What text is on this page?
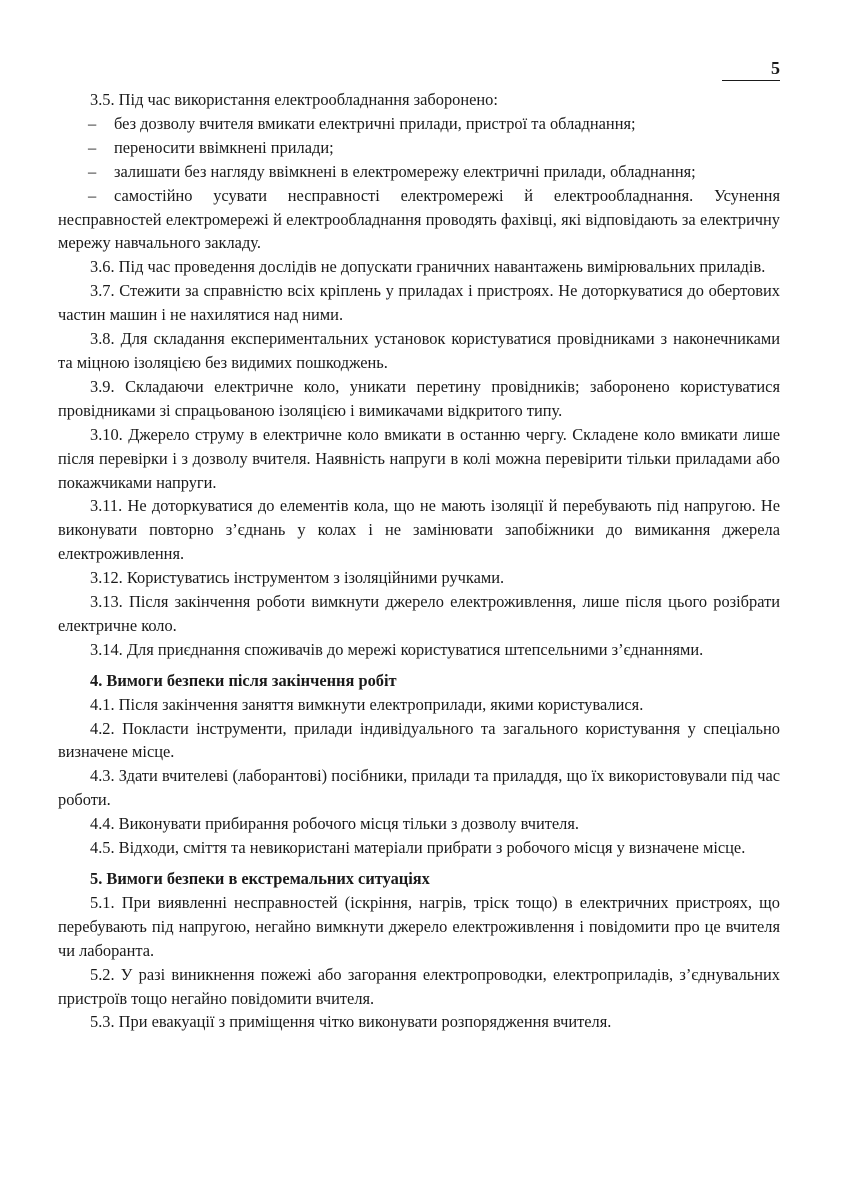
5

3.5. Під час використання електрообладнання заборонено:

– без дозволу вчителя вмикати електричні прилади, пристрої та обладнання;

– переносити ввімкнені прилади;

– залишати без нагляду ввімкнені в електромережу електричні прилади, обладнання;

– самостійно усувати несправності електромережі й електрообладнання. Усунення несправностей електромережі й електрообладнання проводять фахівці, які відповідають за електричну мережу навчального закладу.

3.6. Під час проведення дослідів не допускати граничних навантажень вимірювальних приладів.

3.7. Стежити за справністю всіх кріплень у приладах і пристроях. Не доторкуватися до обертових частин машин і не нахилятися над ними.

3.8. Для складання експериментальних установок користуватися провідниками з наконечниками та міцною ізоляцією без видимих пошкоджень.

3.9. Складаючи електричне коло, уникати перетину провідників; заборонено користуватися провідниками зі спрацьованою ізоляцією і вимикачами відкритого типу.

3.10. Джерело струму в електричне коло вмикати в останню чергу. Складене коло вмикати лише після перевірки і з дозволу вчителя. Наявність напруги в колі можна перевірити тільки приладами або покажчиками напруги.

3.11. Не доторкуватися до елементів кола, що не мають ізоляції й перебувають під напругою. Не виконувати повторно з’єднань у колах і не замінювати запобіжники до вимикання джерела електроживлення.

3.12. Користуватись інструментом з ізоляційними ручками.

3.13. Після закінчення роботи вимкнути джерело електроживлення, лише після цього розібрати електричне коло.

3.14. Для приєднання споживачів до мережі користуватися штепсельними з’єднаннями.

4. Вимоги безпеки після закінчення робіт

4.1. Після закінчення заняття вимкнути електроприлади, якими користувалися.

4.2. Покласти інструменти, прилади індивідуального та загального користування у спеціально визначене місце.

4.3. Здати вчителеві (лаборантові) посібники, прилади та приладдя, що їх використовували під час роботи.

4.4. Виконувати прибирання робочого місця тільки з дозволу вчителя.

4.5. Відходи, сміття та невикористані матеріали прибрати з робочого місця у визначене місце.

5. Вимоги безпеки в екстремальних ситуаціях

5.1. При виявленні несправностей (іскріння, нагрів, тріск тощо) в електричних пристроях, що перебувають під напругою, негайно вимкнути джерело електроживлення і повідомити про це вчителя чи лаборанта.

5.2. У разі виникнення пожежі або загорання електропроводки, електроприладів, з’єднувальних пристроїв тощо негайно повідомити вчителя.

5.3. При евакуації з приміщення чітко виконувати розпорядження вчителя.
